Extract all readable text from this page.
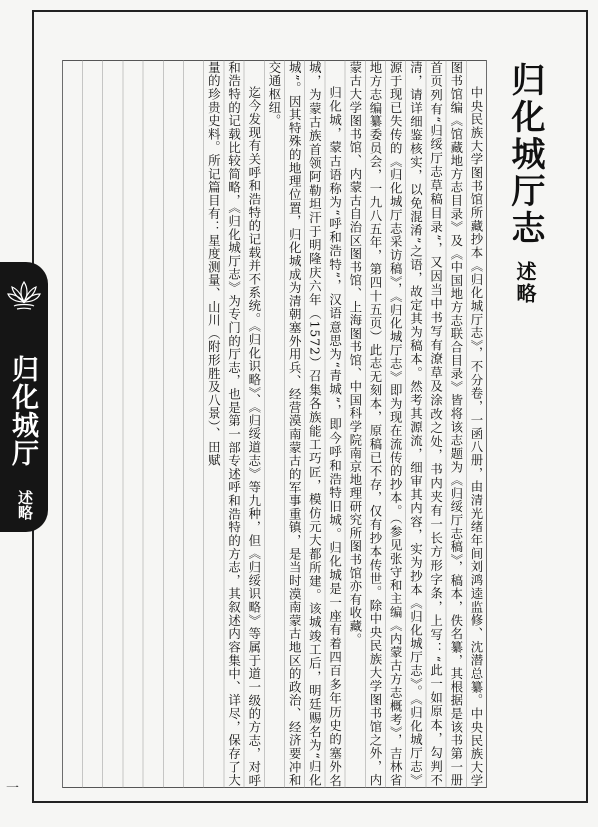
归化城厅志述略

中央民族大学图书馆所藏抄本《归化城厅志》，不分卷，一函八册，由清光绪年间刘鸿逵监修、沈潜总纂。中央民族大学图书馆编《馆藏地方志目录》及《中国地方志联合目录》皆将该志题为《归绥厅志稿》，稿本，佚名纂，其根据是该书第一册首页列有“归绥厅志草稿目录”，又因当中书写有潦草及涂改之处，书内夹有一长方形字条，上写：“此一如原本，勾判不清，请详细鉴核实，以免混淆”之语，故定其为稿本。然考其源流，细审其内容，实为抄本《归化城厅志》。《归化城厅志》源于现已失传的《归化城厅志采访稿》，《归化城厅志》即为现在流传的抄本。（参见张守和主编《内蒙古方志概考》，吉林省地方志编纂委员会，一九八五年，第四十五页）此志无刻本，原稿已不存，仅有抄本传世。除中央民族大学图书馆之外，内蒙古大学图书馆、内蒙古自治区图书馆、上海图书馆、中国科学院南京地理研究所图书馆亦有收藏。

归化城，蒙古语称为“呼和浩特”，汉语意思为“青城”，即今呼和浩特旧城。归化城是一座有着四百多年历史的塞外名城，为蒙古族首领阿勒坦汗于明隆庆六年（1572）召集各族能工巧匠，模仿元大都所建。该城竣工后，明廷赐名为“归化城”。因其特殊的地理位置，归化城成为清朝塞外用兵、经营漠南蒙古的军事重镇，是当时漠南蒙古地区的政治、经济要冲和交通枢纽。

迄今发现有关呼和浩特的记载并不系统。《归化识略》、《归绥道志》等九种，但《归绥识略》等属于道一级的方志，对呼和浩特的记载比较简略，《归化城厅志》为专门的厅志，也是第一部专述呼和浩特的方志，其叙述内容集中、详尽，保存了大量的珍贵史料。所记篇目有：星度测量、山川（附形胜及八景）、田赋

归化城厅
述略
一
